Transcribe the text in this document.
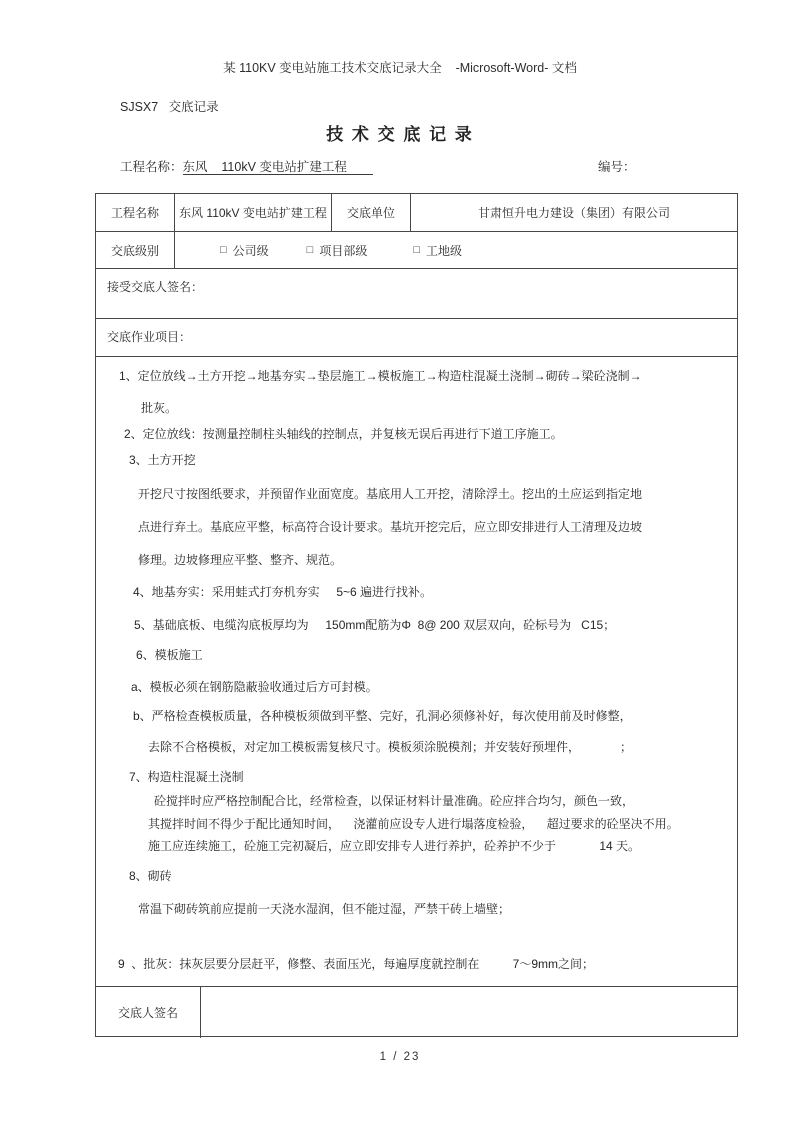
某 110KV 变电站施工技术交底记录大全    -Microsoft-Word- 文档
SJSX7   交底记录
技 术 交 底 记 录
工程名称：东风    110kV 变电站扩建工程	编号：
工程名称 东风 110kV 变电站扩建工程 交底单位	甘肃恒升电力建设（集团）有限公司
交底级别	□ 公司级	□ 项目部级	□ 工地级
接受交底人签名：
交底作业项目：
1、定位放线→土方开挖→地基夯实→垫层施工→模板施工→构造柱混凝土浇制→砌砖→梁砼浇制→
批灰。
2、定位放线：按测量控制柱头轴线的控制点，并复核无误后再进行下道工序施工。
3、土方开挖
开挖尺寸按图纸要求，并预留作业面宽度。基底用人工开挖，清除浮土。挖出的土应运到指定地
点进行弃土。基底应平整，标高符合设计要求。基坑开挖完后，应立即安排进行人工清理及边坡
修理。边坡修理应平整、整齐、规范。
4、地基夯实：采用蛙式打夯机夯实     5~6 遍进行找补。
5、基础底板、电缆沟底板厚均为     150mm配筋为Φ  8@ 200 双层双向，砼标号为   C15；
6、模板施工
a、模板必须在钢筋隐蔽验收通过后方可封模。
b、严格检查模板质量，各种模板须做到平整、完好，孔洞必须修补好，每次使用前及时修整，
去除不合格模板，对定加工模板需复核尺寸。模板须涂脱模剂；并安装好预埋件，            ；
7、构造柱混凝土浇制
砼搅拌时应严格控制配合比，经常检查，以保证材料计量准确。砼应拌合均匀，颜色一致，
其搅拌时间不得少于配比通知时间，    浇灌前应设专人进行塌落度检验，    超过要求的砼坚决不用。
施工应连续施工，砼施工完初凝后，应立即安排专人进行养护，砼养护不少于             14 天。
8、砌砖
常温下砌砖筑前应提前一天浇水湿润，但不能过湿，严禁干砖上墙壁；
9  、批灰：抹灰层要分层赶平，修整、表面压光，每遍厚度就控制在          7～9mm之间；
交底人签名
1 / 23
